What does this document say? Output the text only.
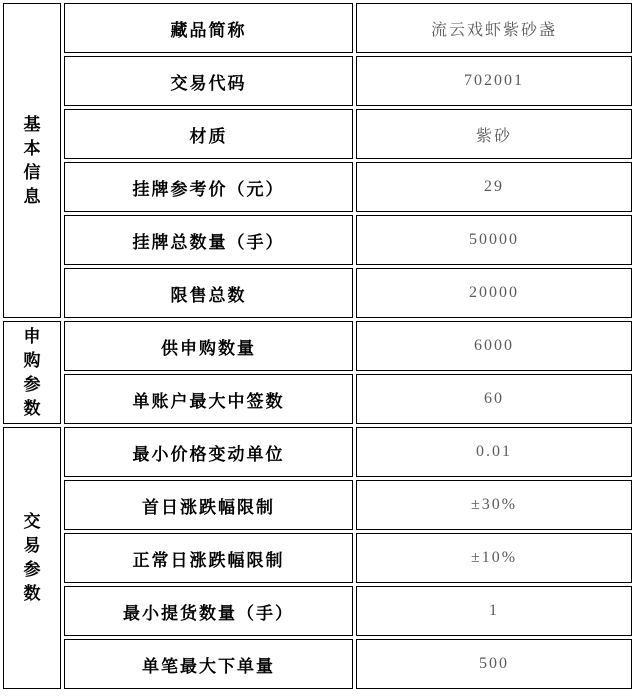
基本信息	藏品简称	流云戏虾紫砂盏
	交易代码	702001
	材质	紫砂
	挂牌参考价（元）	29
	挂牌总数量（手）	50000
	限售总数	20000
申购参数	供申购数量	6000
	单账户最大中签数	60
交易参数	最小价格变动单位	0.01
	首日涨跌幅限制	±30%
	正常日涨跌幅限制	±10%
	最小提货数量（手）	1
	单笔最大下单量	500
